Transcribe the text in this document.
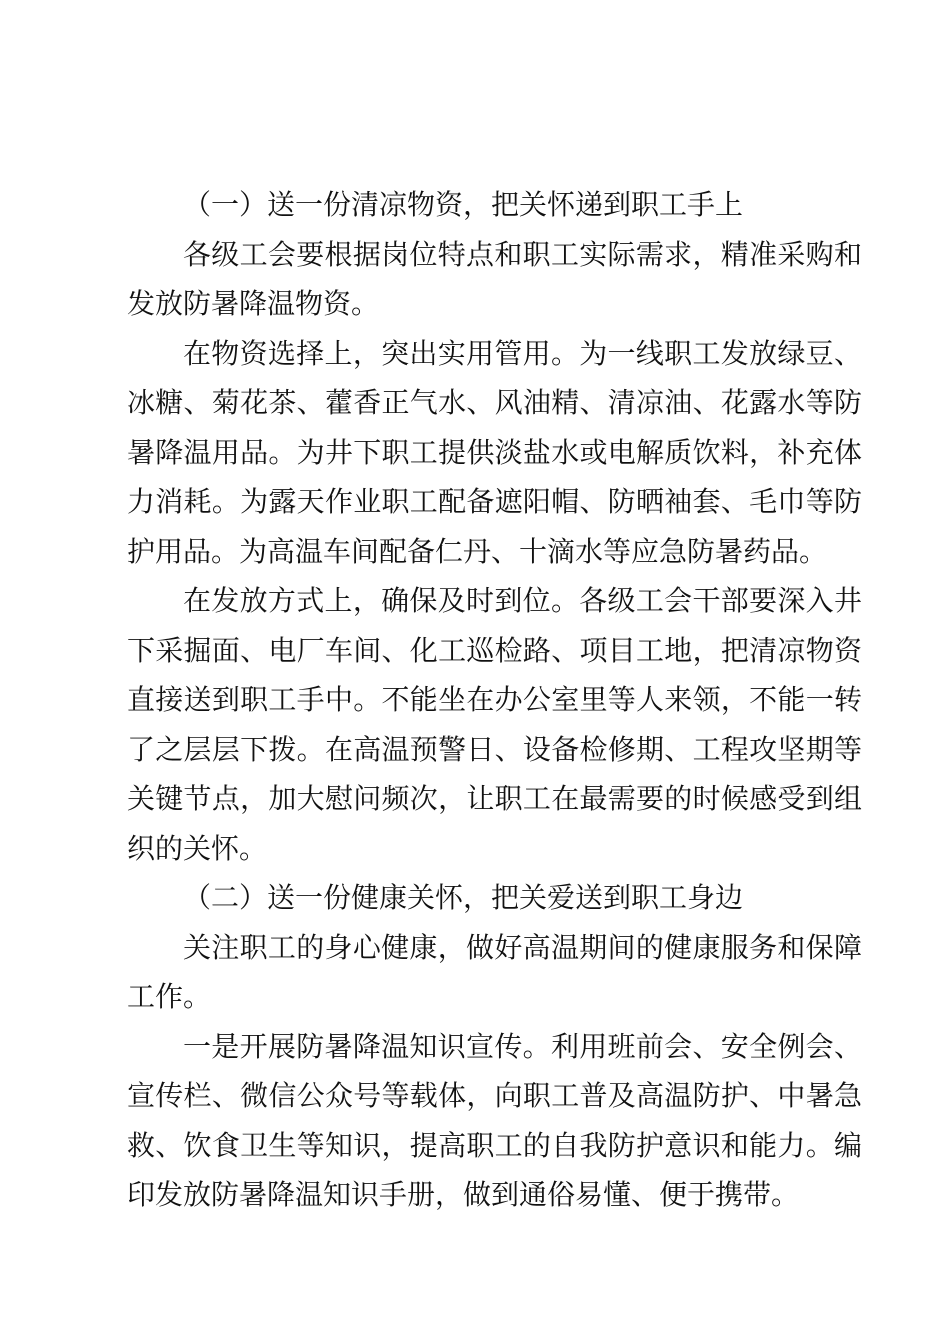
（一）送一份清凉物资，把关怀递到职工手上

各级工会要根据岗位特点和职工实际需求，精准采购和发放防暑降温物资。

在物资选择上，突出实用管用。为一线职工发放绿豆、冰糖、菊花茶、藿香正气水、风油精、清凉油、花露水等防暑降温用品。为井下职工提供淡盐水或电解质饮料，补充体力消耗。为露天作业职工配备遮阳帽、防晒袖套、毛巾等防护用品。为高温车间配备仁丹、十滴水等应急防暑药品。

在发放方式上，确保及时到位。各级工会干部要深入井下采掘面、电厂车间、化工巡检路、项目工地，把清凉物资直接送到职工手中。不能坐在办公室里等人来领，不能一转了之层层下拨。在高温预警日、设备检修期、工程攻坚期等关键节点，加大慰问频次，让职工在最需要的时候感受到组织的关怀。

（二）送一份健康关怀，把关爱送到职工身边

关注职工的身心健康，做好高温期间的健康服务和保障工作。

一是开展防暑降温知识宣传。利用班前会、安全例会、宣传栏、微信公众号等载体，向职工普及高温防护、中暑急救、饮食卫生等知识，提高职工的自我防护意识和能力。编印发放防暑降温知识手册，做到通俗易懂、便于携带。
